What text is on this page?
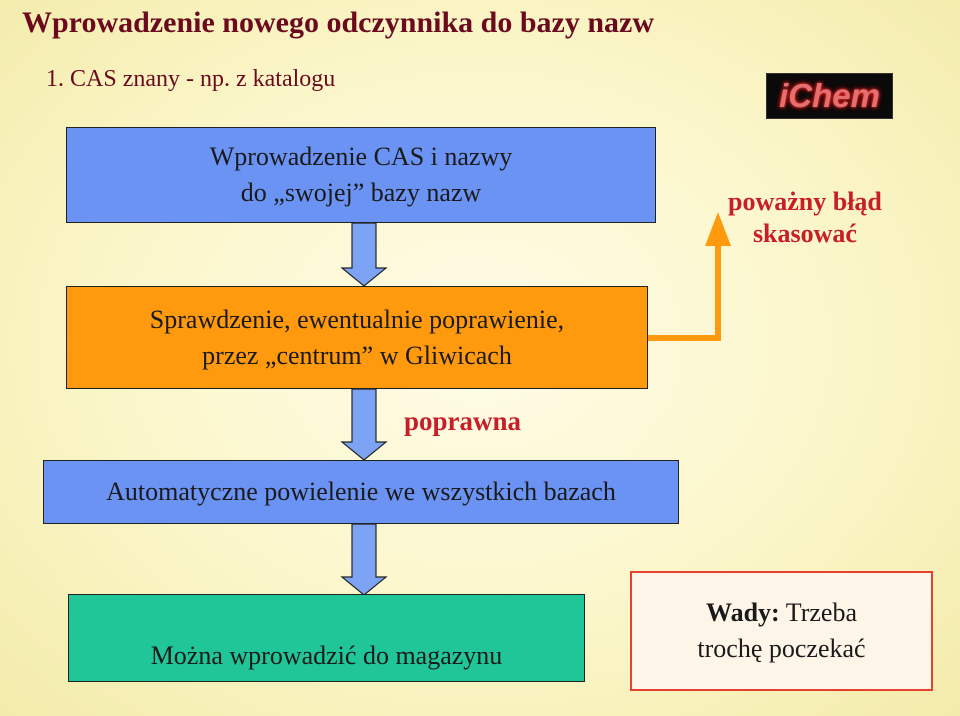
Wprowadzenie nowego odczynnika do bazy nazw
1. CAS znany - np. z katalogu	iChem
Wprowadzenie CAS i nazwy
do „swojej” bazy nazw	poważny błąd
skasować
Sprawdzenie, ewentualnie poprawienie,
przez „centrum” w Gliwicach
poprawna
Automatyczne powielenie we wszystkich bazach
Można wprowadzić do magazynu
Wady: Trzeba
trochę poczekać
